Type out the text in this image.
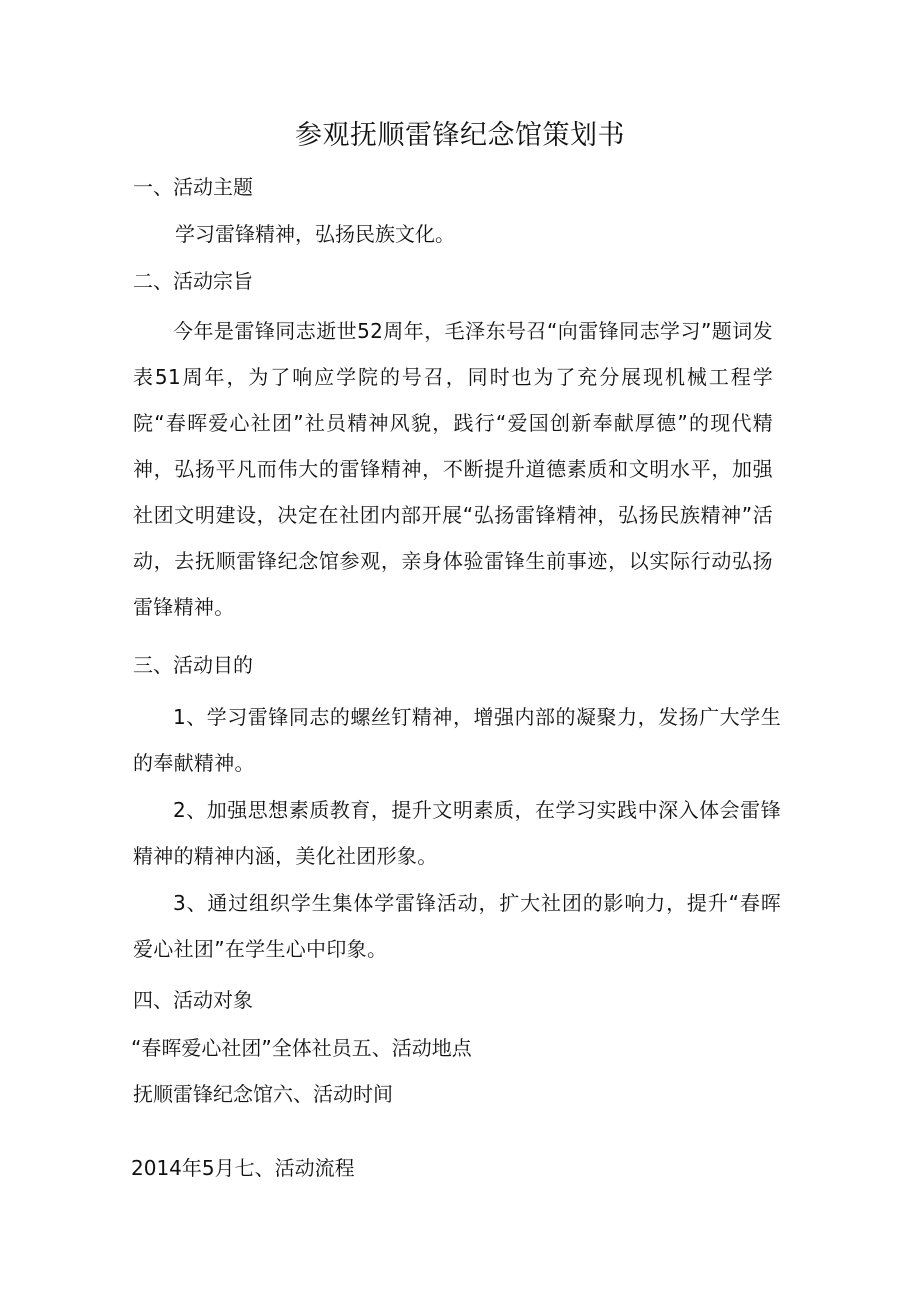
参观抚顺雷锋纪念馆策划书

一、活动主题

学习雷锋精神，弘扬民族文化。

二、活动宗旨

今年是雷锋同志逝世52周年，毛泽东号召“向雷锋同志学习”题词发表51周年，为了响应学院的号召，同时也为了充分展现机械工程学院“春晖爱心社团”社员精神风貌，践行“爱国创新奉献厚德”的现代精神，弘扬平凡而伟大的雷锋精神，不断提升道德素质和文明水平，加强社团文明建设，决定在社团内部开展“弘扬雷锋精神，弘扬民族精神”活动，去抚顺雷锋纪念馆参观，亲身体验雷锋生前事迹，以实际行动弘扬雷锋精神。

三、活动目的

1、学习雷锋同志的螺丝钉精神，增强内部的凝聚力，发扬广大学生的奉献精神。

2、加强思想素质教育，提升文明素质，在学习实践中深入体会雷锋精神的精神内涵，美化社团形象。

3、通过组织学生集体学雷锋活动，扩大社团的影响力，提升“春晖爱心社团”在学生心中印象。

四、活动对象

“春晖爱心社团”全体社员五、活动地点

抚顺雷锋纪念馆六、活动时间

2014年5月七、活动流程
